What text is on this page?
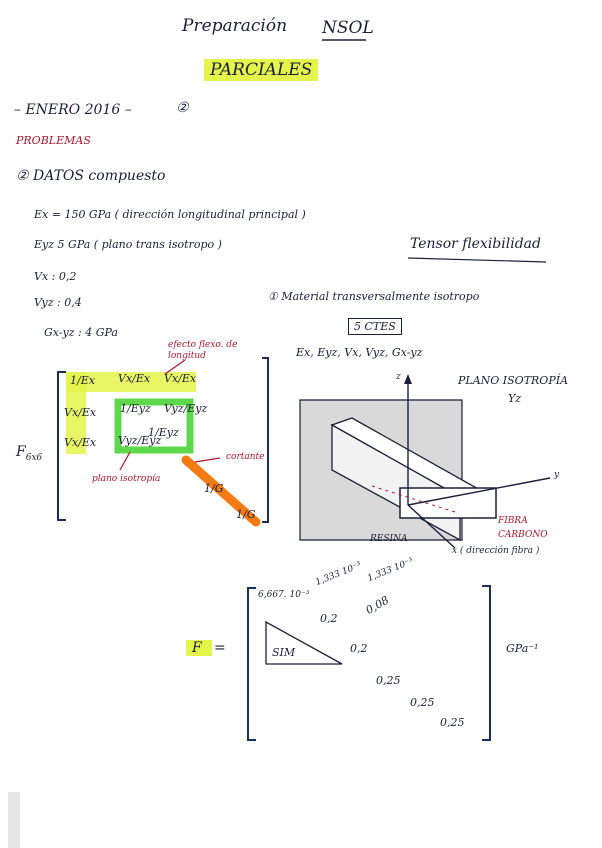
Preparación NSOL
PARCIALES
– ENERO 2016 –	②
PROBLEMAS
② DATOS compuesto
Ex = 150 GPa ( dirección longitudinal principal )
Eyz 5 GPa ( plano trans isotropo )
Vx : 0,2
Vyz : 0,4
Gx-yz : 4 GPa
Tensor flexibilidad
① Material transversalmente isotropo
5 CTES
Ex, Eyz, Vx, Vyz, Gx-yz
$F_{6x6}$
1/Ex Vx/Ex Vx/Ex
Vx/Ex 1/Eyz Vyz/Eyz
Vx/Ex Vyz/Eyz
1/Eyz
1/G
1/G
efecto flexo. de longitud
plano isotropía
cortante
z
y
x ( dirección fibra )
PLANO ISOTROPÍA
Yz
FIBRA
CARBONO
RESINA
F =
6,667. 10⁻³
1,333 10⁻³ 1,333 10⁻³
0,2
0,08
SIM	0,2
0,25
0,25
0,25
GPa⁻¹
